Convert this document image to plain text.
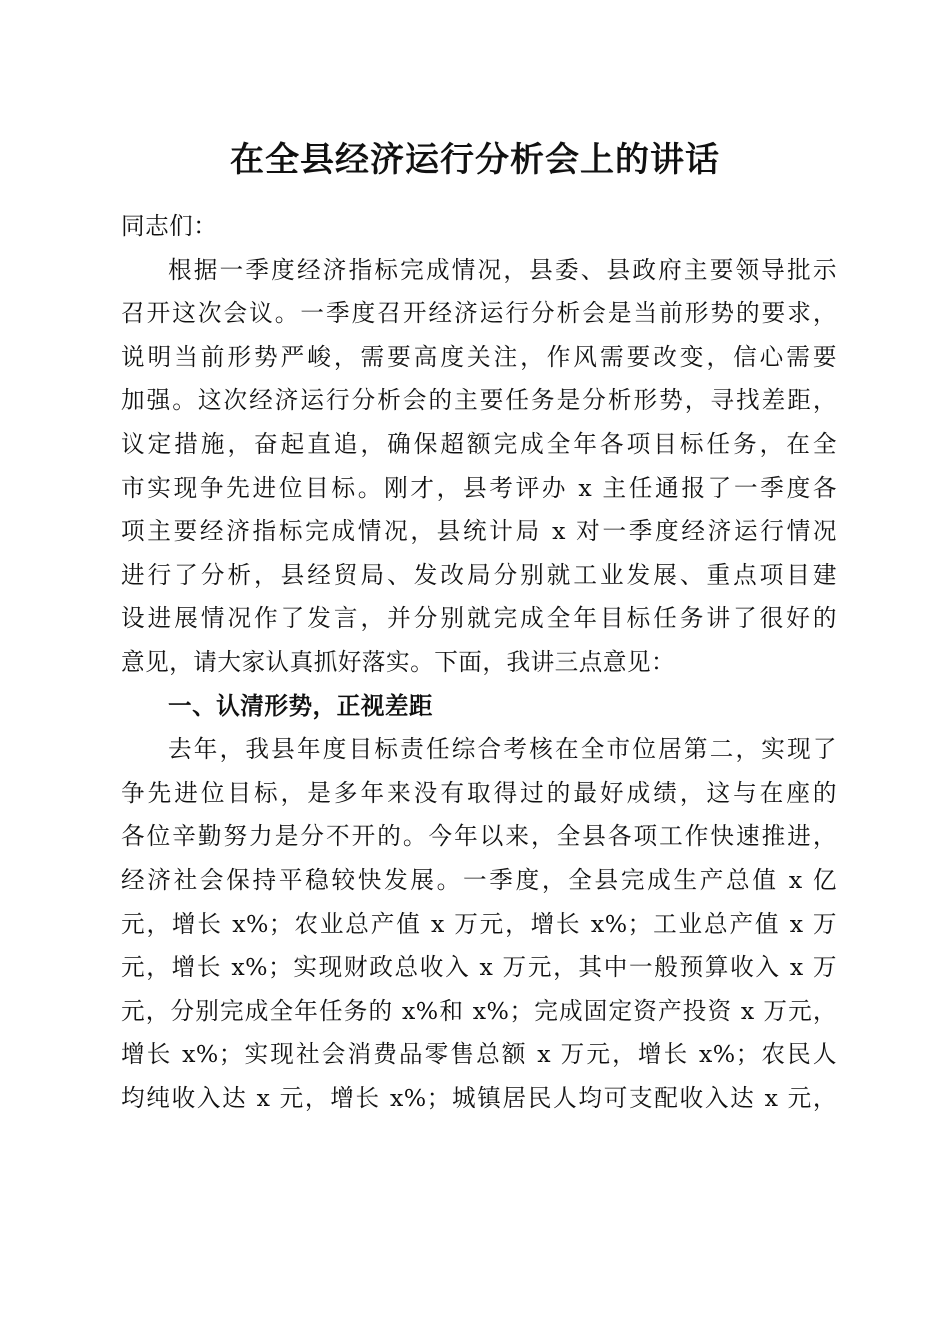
在全县经济运行分析会上的讲话
同志们：
根据一季度经济指标完成情况，县委、县政府主要领导批示
召开这次会议。一季度召开经济运行分析会是当前形势的要求，
说明当前形势严峻，需要高度关注，作风需要改变，信心需要
加强。这次经济运行分析会的主要任务是分析形势，寻找差距，
议定措施，奋起直追，确保超额完成全年各项目标任务，在全
市实现争先进位目标。刚才，县考评办 x 主任通报了一季度各
项主要经济指标完成情况，县统计局 x 对一季度经济运行情况
进行了分析，县经贸局、发改局分别就工业发展、重点项目建
设进展情况作了发言，并分别就完成全年目标任务讲了很好的
意见，请大家认真抓好落实。下面，我讲三点意见：
一、认清形势，正视差距
去年，我县年度目标责任综合考核在全市位居第二，实现了
争先进位目标，是多年来没有取得过的最好成绩，这与在座的
各位辛勤努力是分不开的。今年以来，全县各项工作快速推进，
经济社会保持平稳较快发展。一季度，全县完成生产总值 x 亿
元，增长 x%；农业总产值 x 万元，增长 x%；工业总产值 x 万
元，增长 x%；实现财政总收入 x 万元，其中一般预算收入 x 万
元，分别完成全年任务的 x%和 x%；完成固定资产投资 x 万元，
增长 x%；实现社会消费品零售总额 x 万元，增长 x%；农民人
均纯收入达 x 元，增长 x%；城镇居民人均可支配收入达 x 元，
